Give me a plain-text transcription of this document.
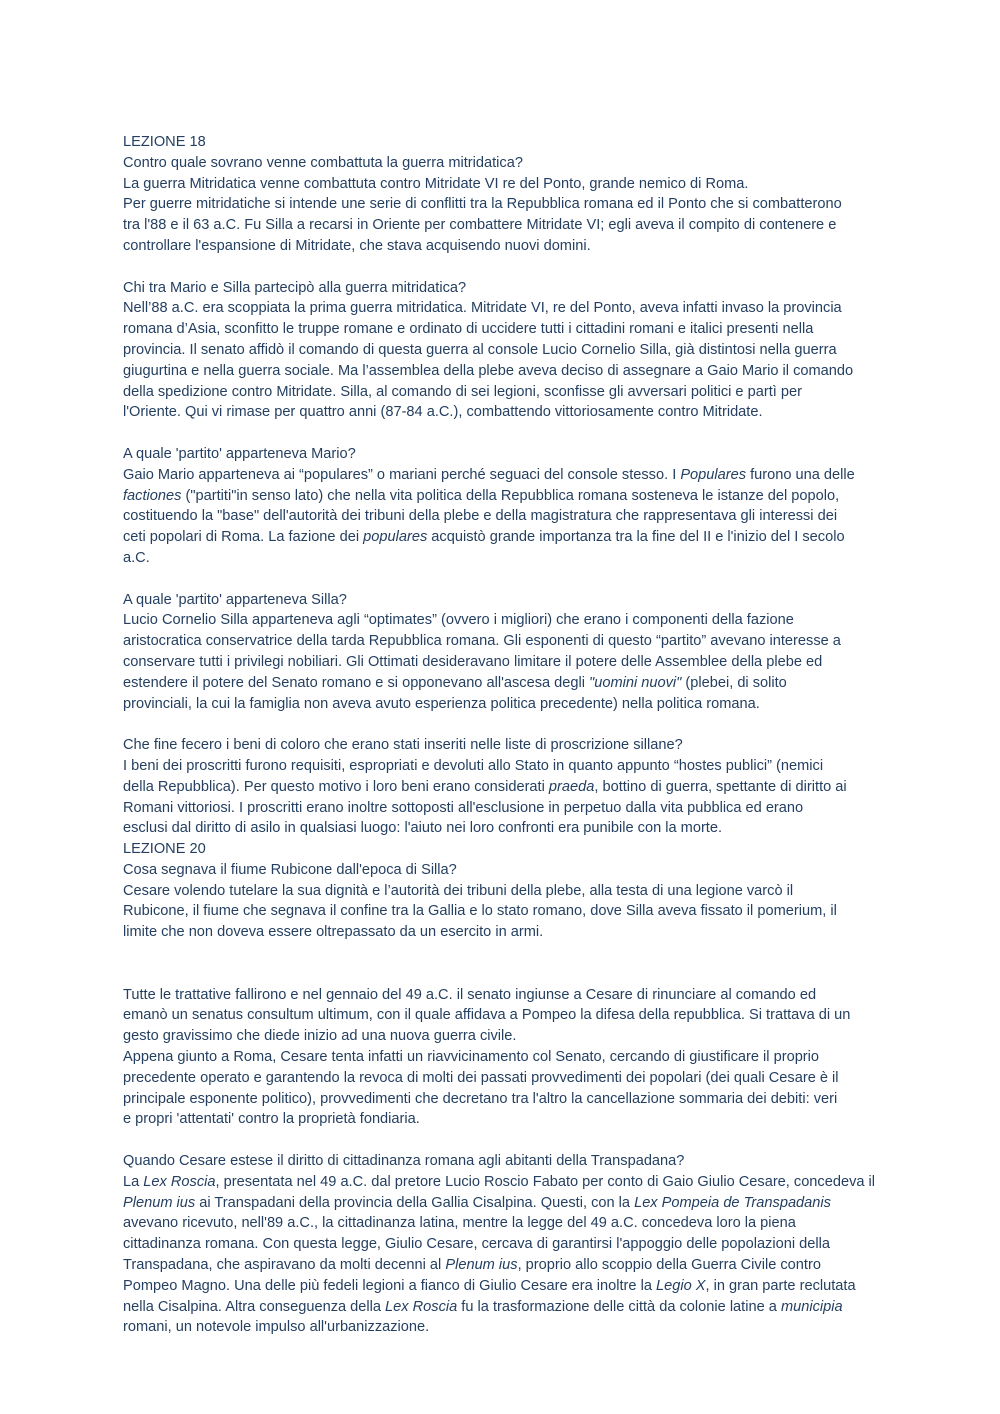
LEZIONE 18
Contro quale sovrano venne combattuta la guerra mitridatica?
La guerra Mitridatica venne combattuta contro Mitridate VI re del Ponto, grande nemico di Roma.
Per guerre mitridatiche si intende une serie di conflitti tra la Repubblica romana ed il Ponto che si combatterono
tra l'88 e il 63 a.C. Fu Silla a recarsi in Oriente per combattere Mitridate VI; egli aveva il compito di contenere e
controllare l'espansione di Mitridate, che stava acquisendo nuovi domini.
Chi tra Mario e Silla partecipò alla guerra mitridatica?
Nell’88 a.C. era scoppiata la prima guerra mitridatica. Mitridate VI, re del Ponto, aveva infatti invaso la provincia
romana d’Asia, sconfitto le truppe romane e ordinato di uccidere tutti i cittadini romani e italici presenti nella
provincia. Il senato affidò il comando di questa guerra al console Lucio Cornelio Silla, già distintosi nella guerra
giugurtina e nella guerra sociale. Ma l’assemblea della plebe aveva deciso di assegnare a Gaio Mario il comando
della spedizione contro Mitridate. Silla, al comando di sei legioni, sconfisse gli avversari politici e partì per
l'Oriente. Qui vi rimase per quattro anni (87-84 a.C.), combattendo vittoriosamente contro Mitridate.
A quale 'partito' apparteneva Mario?
Gaio Mario apparteneva ai “populares” o mariani perché seguaci del console stesso. I Populares furono una delle
factiones ("partiti"in senso lato) che nella vita politica della Repubblica romana sosteneva le istanze del popolo,
costituendo la "base" dell'autorità dei tribuni della plebe e della magistratura che rappresentava gli interessi dei
ceti popolari di Roma. La fazione dei populares acquistò grande importanza tra la fine del II e l'inizio del I secolo
a.C.
A quale 'partito' apparteneva Silla?
Lucio Cornelio Silla apparteneva agli “optimates” (ovvero i migliori) che erano i componenti della fazione
aristocratica conservatrice della tarda Repubblica romana. Gli esponenti di questo “partito” avevano interesse a
conservare tutti i privilegi nobiliari. Gli Ottimati desideravano limitare il potere delle Assemblee della plebe ed
estendere il potere del Senato romano e si opponevano all'ascesa degli "uomini nuovi" (plebei, di solito
provinciali, la cui la famiglia non aveva avuto esperienza politica precedente) nella politica romana.
Che fine fecero i beni di coloro che erano stati inseriti nelle liste di proscrizione sillane?
I beni dei proscritti furono requisiti, espropriati e devoluti allo Stato in quanto appunto “hostes publici” (nemici
della Repubblica). Per questo motivo i loro beni erano considerati praeda, bottino di guerra, spettante di diritto ai
Romani vittoriosi. I proscritti erano inoltre sottoposti all'esclusione in perpetuo dalla vita pubblica ed erano
esclusi dal diritto di asilo in qualsiasi luogo: l'aiuto nei loro confronti era punibile con la morte.
LEZIONE 20
Cosa segnava il fiume Rubicone dall'epoca di Silla?
Cesare volendo tutelare la sua dignità e l’autorità dei tribuni della plebe, alla testa di una legione varcò il
Rubicone, il fiume che segnava il confine tra la Gallia e lo stato romano, dove Silla aveva fissato il pomerium, il
limite che non doveva essere oltrepassato da un esercito in armi.
Tutte le trattative fallirono e nel gennaio del 49 a.C. il senato ingiunse a Cesare di rinunciare al comando ed
emanò un senatus consultum ultimum, con il quale affidava a Pompeo la difesa della repubblica. Si trattava di un
gesto gravissimo che diede inizio ad una nuova guerra civile.
Appena giunto a Roma, Cesare tenta infatti un riavvicinamento col Senato, cercando di giustificare il proprio
precedente operato e garantendo la revoca di molti dei passati provvedimenti dei popolari (dei quali Cesare è il
principale esponente politico), provvedimenti che decretano tra l'altro la cancellazione sommaria dei debiti: veri
e propri 'attentati' contro la proprietà fondiaria.
Quando Cesare estese il diritto di cittadinanza romana agli abitanti della Transpadana?
La Lex Roscia, presentata nel 49 a.C. dal pretore Lucio Roscio Fabato per conto di Gaio Giulio Cesare, concedeva il
Plenum ius ai Transpadani della provincia della Gallia Cisalpina. Questi, con la Lex Pompeia de Transpadanis
avevano ricevuto, nell'89 a.C., la cittadinanza latina, mentre la legge del 49 a.C. concedeva loro la piena
cittadinanza romana. Con questa legge, Giulio Cesare, cercava di garantirsi l'appoggio delle popolazioni della
Transpadana, che aspiravano da molti decenni al Plenum ius, proprio allo scoppio della Guerra Civile contro
Pompeo Magno. Una delle più fedeli legioni a fianco di Giulio Cesare era inoltre la Legio X, in gran parte reclutata
nella Cisalpina. Altra conseguenza della Lex Roscia fu la trasformazione delle città da colonie latine a municipia
romani, un notevole impulso all'urbanizzazione.
